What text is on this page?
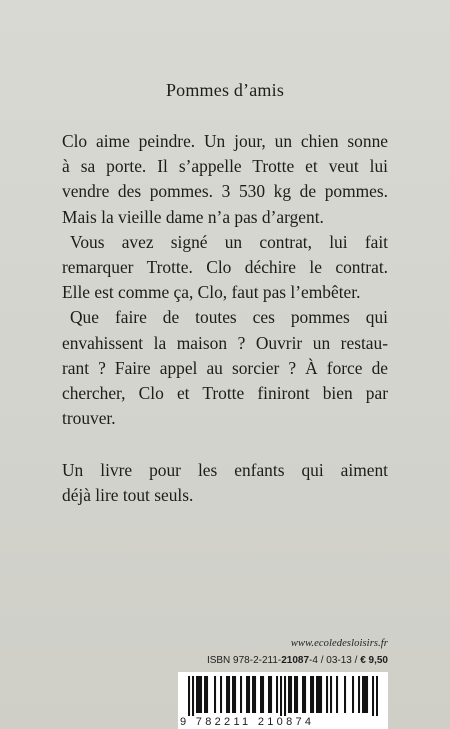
Pommes d’amis
Clo aime peindre. Un jour, un chien sonne
à sa porte. Il s’appelle Trotte et veut lui
vendre des pommes. 3 530 kg de pommes.
Mais la vieille dame n’a pas d’argent.
Vous avez signé un contrat, lui fait
remarquer Trotte. Clo déchire le contrat.
Elle est comme ça, Clo, faut pas l’embêter.
Que faire de toutes ces pommes qui
envahissent la maison ? Ouvrir un restau-
rant ? Faire appel au sorcier ? À force de
chercher, Clo et Trotte finiront bien par
trouver.
Un livre pour les enfants qui aiment
déjà lire tout seuls.
www.ecoledesloisirs.fr
ISBN 978-2-211-21087-4 / 03-13 / € 9,50
9 782211 210874
